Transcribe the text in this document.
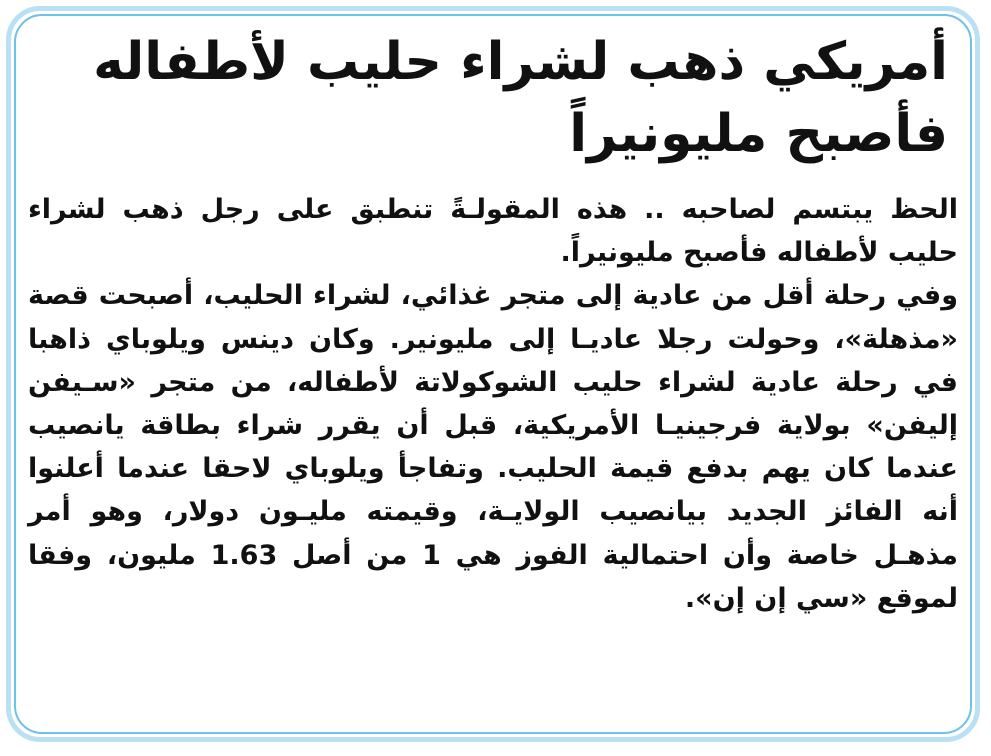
أمريكي ذهب لشراء حليب لأطفاله
فأصبح مليونيراً

الحظ يبتسم لصاحبه .. هذه المقولـةً تنطبق على رجل ذهب لشراء حليب لأطفاله فأصبح مليونيراً.

وفي رحلة أقل من عادية إلى متجر غذائي، لشراء الحليب، أصبحت قصة «مذهلة»، وحولت رجلا عاديـا إلى مليونير. وكان دينس ويلوباي ذاهبا في رحلة عادية لشراء حليب الشوكولاتة لأطفاله، من متجر «سـيفن إليفن» بولاية فرجينيـا الأمريكية، قبل أن يقرر شراء بطاقة يانصيب عندما كان يهم بدفع قيمة الحليب. وتفاجأ ويلوباي لاحقا عندما أعلنوا أنه الفائز الجديد بيانصيب الولايـة، وقيمته مليـون دولار، وهو أمر مذهـل خاصة وأن احتمالية الفوز هي 1 من أصل 1.63 مليون، وفقا لموقع «سي إن إن».
